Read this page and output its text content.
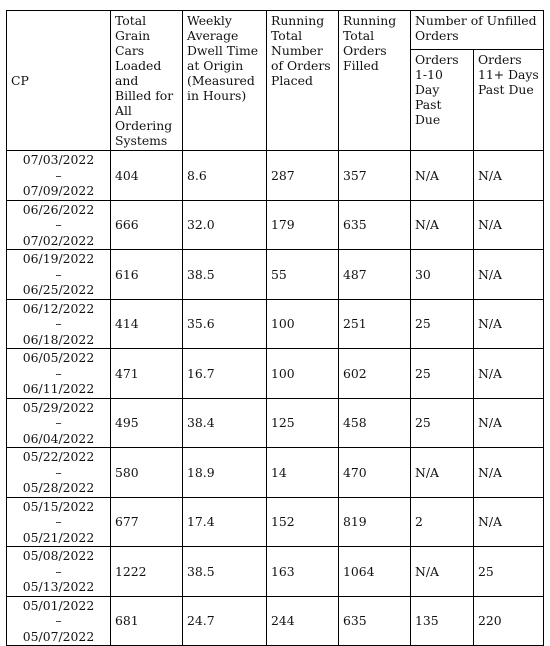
CP	Total Grain Cars Loaded and Billed for All Ordering Systems	Weekly Average Dwell Time at Origin (Measured in Hours)	Running Total Number of Orders Placed	Running Total Orders Filled	Number of Unfilled Orders	
					Orders 1-10 Day Past Due	Orders 11+ Days Past Due

07/03/2022
–
07/09/2022	404	8.6	287	357	N/A	N/A

06/26/2022
–
07/02/2022	666	32.0	179	635	N/A	N/A

06/19/2022
–
06/25/2022	616	38.5	55	487	30	N/A

06/12/2022
–
06/18/2022	414	35.6	100	251	25	N/A

06/05/2022
–
06/11/2022	471	16.7	100	602	25	N/A

05/29/2022
–
06/04/2022	495	38.4	125	458	25	N/A

05/22/2022
–
05/28/2022	580	18.9	14	470	N/A	N/A

05/15/2022
–
05/21/2022	677	17.4	152	819	2	N/A

05/08/2022
–
05/13/2022	1222	38.5	163	1064	N/A	25

05/01/2022
–
05/07/2022	681	24.7	244	635	135	220
